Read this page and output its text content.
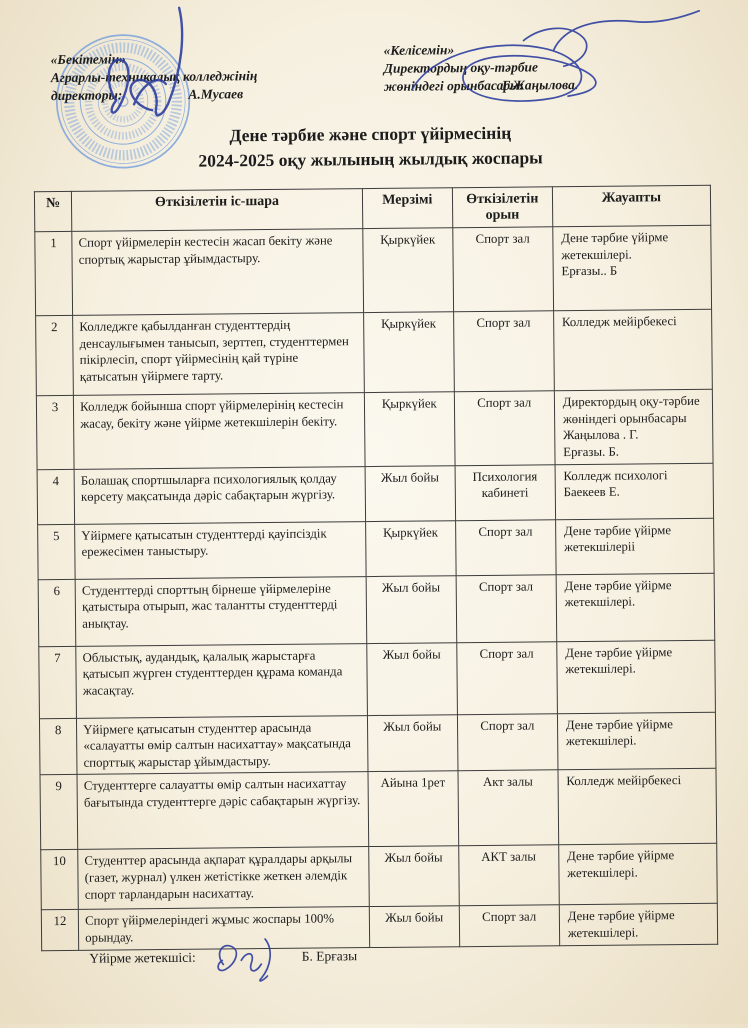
«Бекітемін»
Аграрлы-техникалық колледжінің
директоры:	А.Мусаев
«Келісемін»
Директордың оқу-тәрбие
жөніндегі орынбасары:
Г.Жаңылова.
Дене тәрбие және спорт үйірмесінің
2024-2025 оқу жылының жылдық жоспары
№	Өткізілетін іс-шара	Мерзімі	Өткізілетін орын	Жауапты
1	Спорт үйірмелерін кестесін жасап бекіту және спортық жарыстар ұйымдастыру.	Қыркүйек	Спорт зал	Дене тәрбие үйірме жетекшілері.
Ерғазы.. Б
2	Колледжге қабылданған студенттердің денсаулығымен танысып, зерттеп, студенттермен пікірлесіп, спорт үйірмесінің қай түріне қатысатын үйірмеге тарту.	Қыркүйек	Спорт зал	Колледж мейірбекесі
3	Колледж бойынша спорт үйірмелерінің кестесін жасау, бекіту және үйірме жетекшілерін бекіту.	Қыркүйек	Спорт зал	Директордың оқу-тәрбие жөніндегі орынбасары
Жаңылова . Г.
Ерғазы. Б.
4	Болашақ спортшыларға психологиялық қолдау көрсету мақсатында дәріс сабақтарын жүргізу.	Жыл бойы	Психология кабинеті	Колледж психологі
Баекеев Е.
5	Үйірмеге қатысатын студенттерді қауіпсіздік ережесімен таныстыру.	Қыркүйек	Спорт зал	Дене тәрбие үйірме жетекшілеріі
6	Студенттерді спорттың бірнеше үйірмелеріне қатыстыра отырып, жас талантты студенттерді анықтау.	Жыл бойы	Спорт зал	Дене тәрбие үйірме жетекшілері.
7	Облыстық, аудандық, қалалық жарыстарға қатысып жүрген студенттерден құрама команда жасақтау.	Жыл бойы	Спорт зал	Дене тәрбие үйірме жетекшілері.
8	Үйірмеге қатысатын студенттер арасында «салауатты өмір салтын насихаттау» мақсатында спорттық жарыстар ұйымдастыру.	Жыл бойы	Спорт зал	Дене тәрбие үйірме жетекшілері.
9	Студенттерге салауатты өмір салтын насихаттау бағытында студенттерге дәріс сабақтарын жүргізу.	Айына 1рет	Акт залы	Колледж мейірбекесі
10	Студенттер арасында ақпарат құралдары арқылы (газет, журнал) үлкен жетістікке жеткен әлемдік спорт тарландарын насихаттау.	Жыл бойы	АКТ залы	Дене тәрбие үйірме жетекшілері.
12	Спорт үйірмелеріндегі жұмыс жоспары 100% орындау.	Жыл бойы	Спорт зал	Дене тәрбие үйірме жетекшілері.
Үйірме жетекшісі:	Б. Ерғазы
